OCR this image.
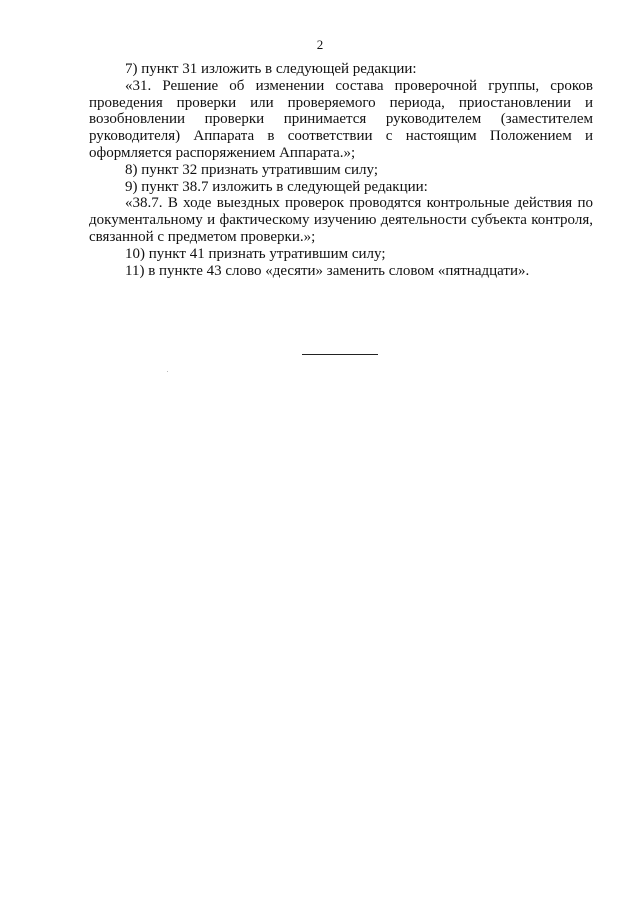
2

7) пункт 31 изложить в следующей редакции:

«31. Решение об изменении состава проверочной группы, сроков проведения проверки или проверяемого периода, приостановлении и возобновлении проверки принимается руководителем (заместителем руководителя) Аппарата в соответствии с настоящим Положением и оформляется распоряжением Аппарата.»;

8) пункт 32 признать утратившим силу;

9) пункт 38.7 изложить в следующей редакции:

«38.7. В ходе выездных проверок проводятся контрольные действия по документальному и фактическому изучению деятельности субъекта контроля, связанной с предметом проверки.»;

10) пункт 41 признать утратившим силу;

11) в пункте 43 слово «десяти» заменить словом «пятнадцати».
